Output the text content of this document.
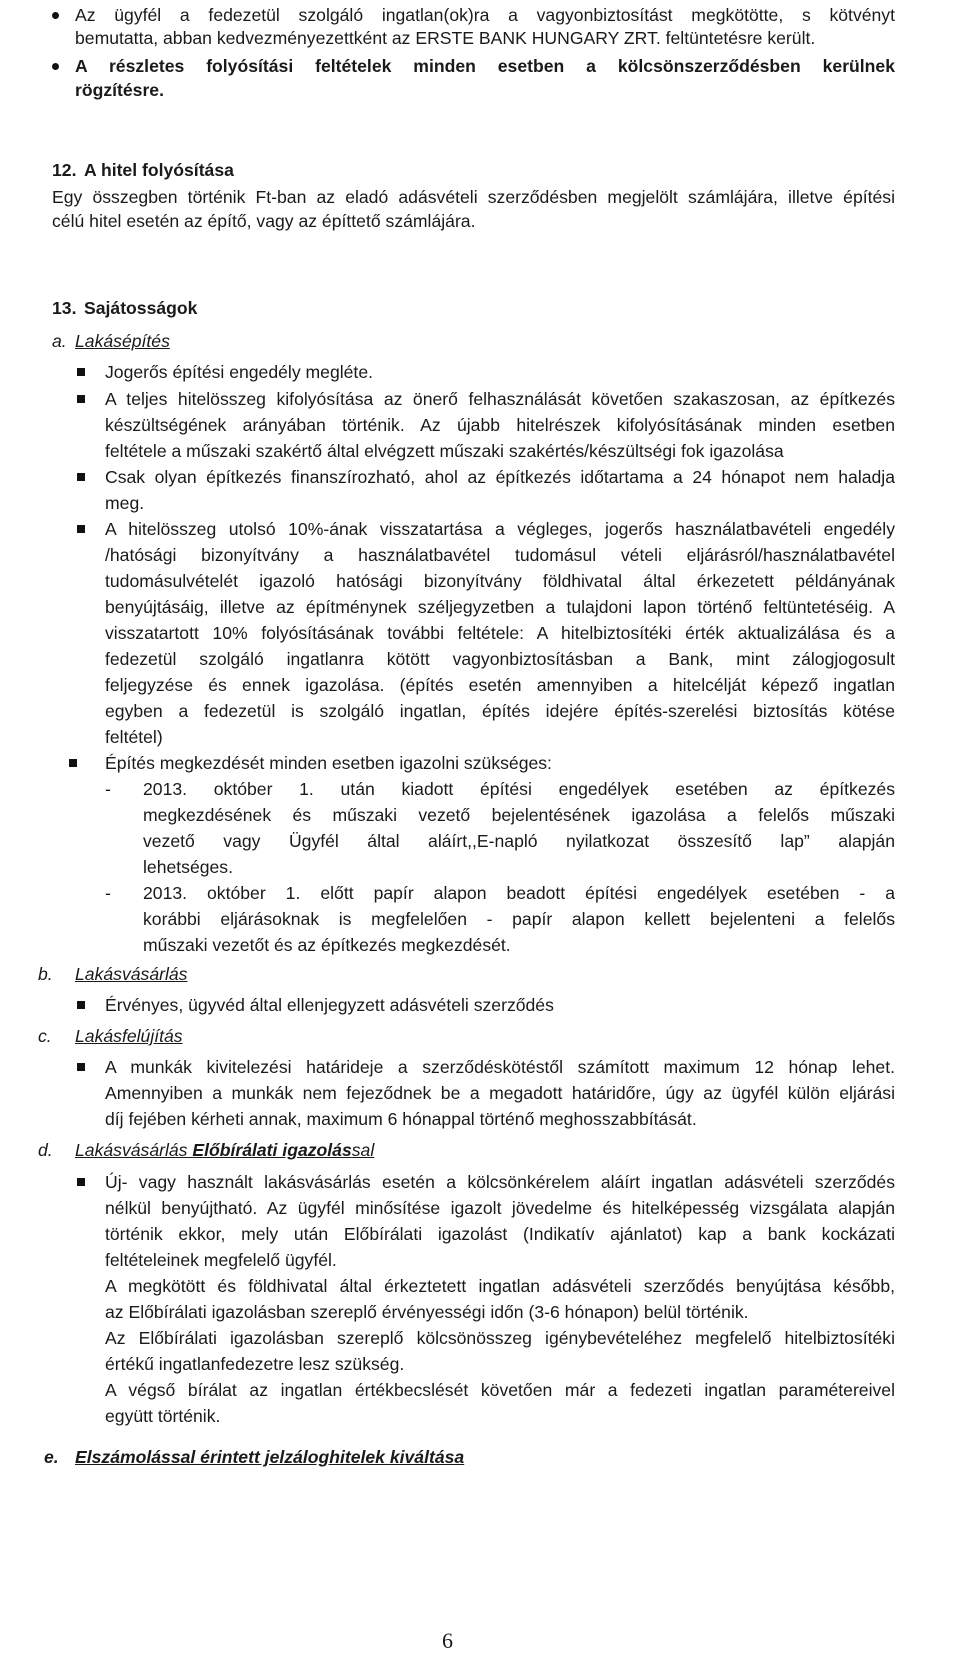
Az ügyfél a fedezetül szolgáló ingatlan(ok)ra a vagyonbiztosítást megkötötte, s kötvényt
bemutatta, abban kedvezményezettként az ERSTE BANK HUNGARY ZRT. feltüntetésre került.
A részletes folyósítási feltételek minden esetben a kölcsönszerződésben kerülnek
rögzítésre.
12. A hitel folyósítása
Egy összegben történik Ft-ban az eladó adásvételi szerződésben megjelölt számlájára, illetve építési
célú hitel esetén az építő, vagy az építtető számlájára.
13. Sajátosságok
a. Lakásépítés
Jogerős építési engedély megléte.
A teljes hitelösszeg kifolyósítása az önerő felhasználását követően szakaszosan, az építkezés
készültségének arányában történik. Az újabb hitelrészek kifolyósításának minden esetben
feltétele a műszaki szakértő által elvégzett műszaki szakértés/készültségi fok igazolása
Csak olyan építkezés finanszírozható, ahol az építkezés időtartama a 24 hónapot nem haladja
meg.
A hitelösszeg utolsó 10%-ának visszatartása a végleges, jogerős használatbavételi engedély
/hatósági bizonyítvány a használatbavétel tudomásul vételi eljárásról/használatbavétel
tudomásulvételét igazoló hatósági bizonyítvány földhivatal által érkezetett példányának
benyújtásáig, illetve az építménynek széljegyzetben a tulajdoni lapon történő feltüntetéséig. A
visszatartott 10% folyósításának további feltétele: A hitelbiztosítéki érték aktualizálása és a
fedezetül szolgáló ingatlanra kötött vagyonbiztosításban a Bank, mint zálogjogosult
feljegyzése és ennek igazolása. (építés esetén amennyiben a hitelcélját képező ingatlan
egyben a fedezetül is szolgáló ingatlan, építés idejére építés-szerelési biztosítás kötése
feltétel)
Építés megkezdését minden esetben igazolni szükséges:
- 2013. október 1. után kiadott építési engedélyek esetében az építkezés
megkezdésének és műszaki vezető bejelentésének igazolása a felelős műszaki
vezető vagy Ügyfél által aláírt,,E-napló nyilatkozat összesítő lap” alapján
lehetséges.
- 2013. október 1. előtt papír alapon beadott építési engedélyek esetében - a
korábbi eljárásoknak is megfelelően - papír alapon kellett bejelenteni a felelős
műszaki vezetőt és az építkezés megkezdését.
b. Lakásvásárlás
Érvényes, ügyvéd által ellenjegyzett adásvételi szerződés
c. Lakásfelújítás
A munkák kivitelezési határideje a szerződéskötéstől számított maximum 12 hónap lehet.
Amennyiben a munkák nem fejeződnek be a megadott határidőre, úgy az ügyfél külön eljárási
díj fejében kérheti annak, maximum 6 hónappal történő meghosszabbítását.
d. Lakásvásárlás Előbírálati igazolással
Új- vagy használt lakásvásárlás esetén a kölcsönkérelem aláírt ingatlan adásvételi szerződés
nélkül benyújtható. Az ügyfél minősítése igazolt jövedelme és hitelképesség vizsgálata alapján
történik ekkor, mely után Előbírálati igazolást (Indikatív ajánlatot) kap a bank kockázati
feltételeinek megfelelő ügyfél.
A megkötött és földhivatal által érkeztetett ingatlan adásvételi szerződés benyújtása később,
az Előbírálati igazolásban szereplő érvényességi időn (3-6 hónapon) belül történik.
Az Előbírálati igazolásban szereplő kölcsönösszeg igénybevételéhez megfelelő hitelbiztosítéki
értékű ingatlanfedezetre lesz szükség.
A végső bírálat az ingatlan értékbecslését követően már a fedezeti ingatlan paramétereivel
együtt történik.
e. Elszámolással érintett jelzáloghitelek kiváltása
6
